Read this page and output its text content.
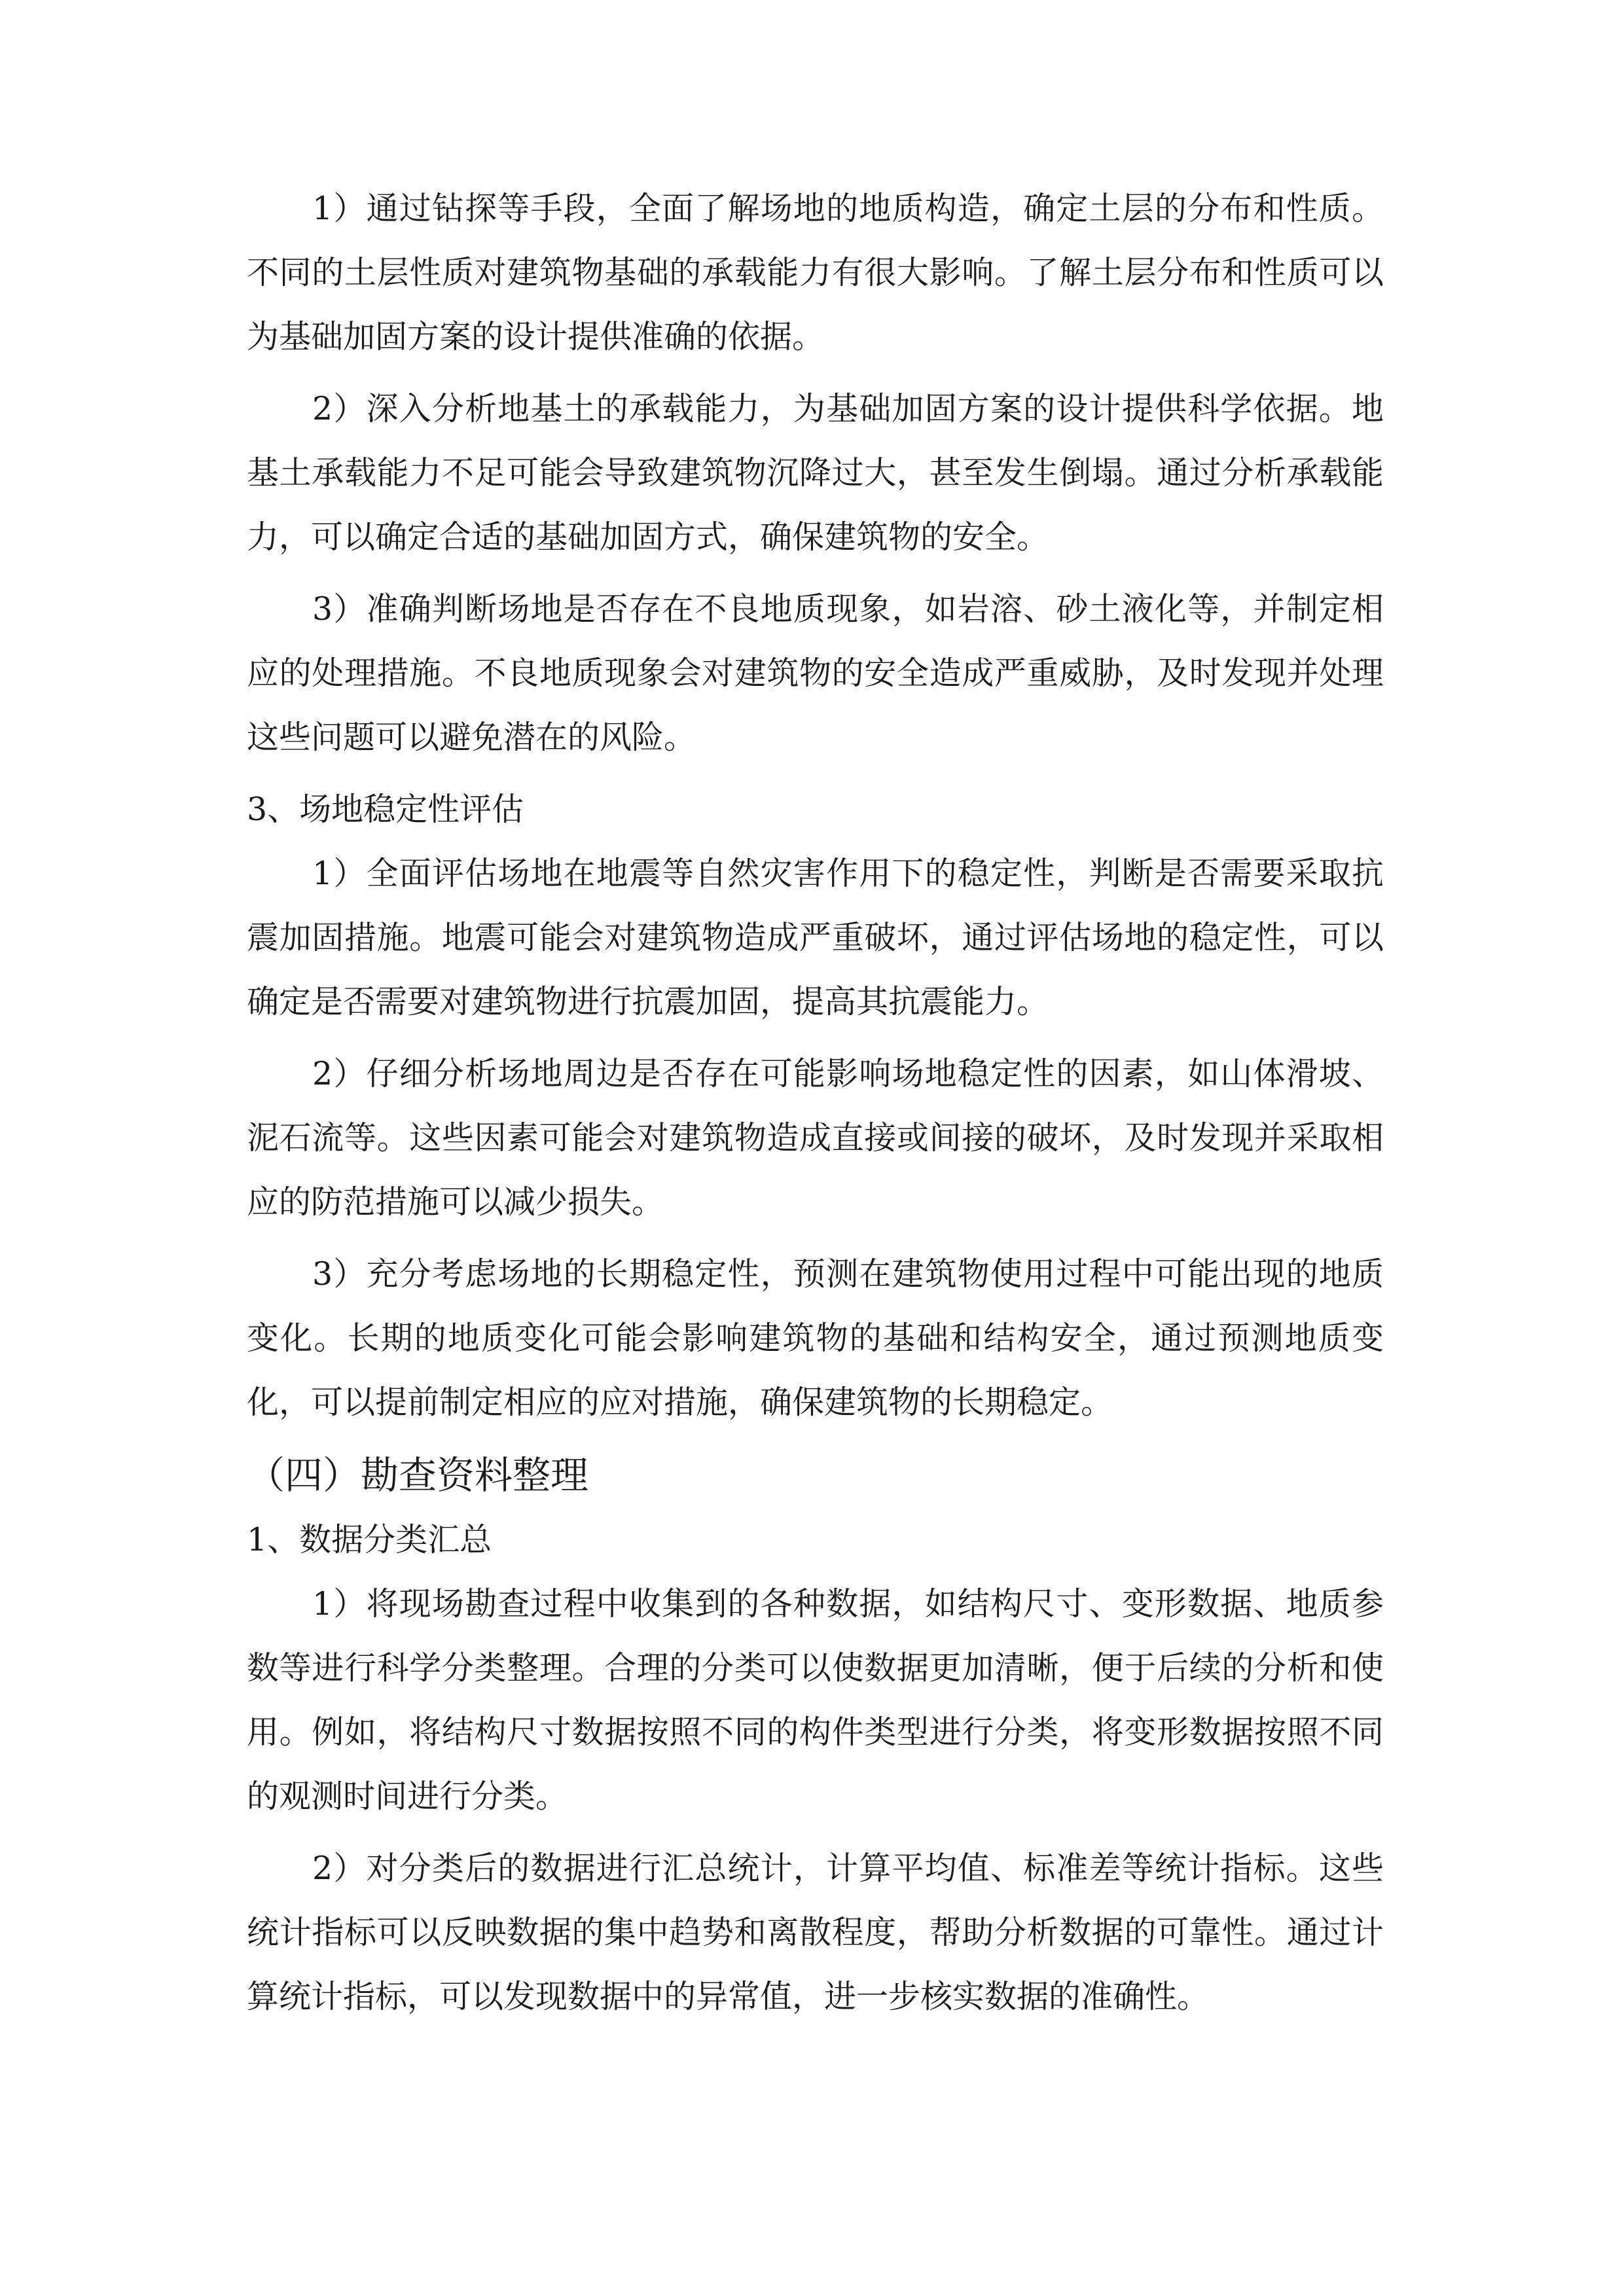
1）通过钻探等手段，全面了解场地的地质构造，确定土层的分布和性质。不同的土层性质对建筑物基础的承载能力有很大影响。了解土层分布和性质可以为基础加固方案的设计提供准确的依据。

2）深入分析地基土的承载能力，为基础加固方案的设计提供科学依据。地基土承载能力不足可能会导致建筑物沉降过大，甚至发生倒塌。通过分析承载能力，可以确定合适的基础加固方式，确保建筑物的安全。

3）准确判断场地是否存在不良地质现象，如岩溶、砂土液化等，并制定相应的处理措施。不良地质现象会对建筑物的安全造成严重威胁，及时发现并处理这些问题可以避免潜在的风险。

3、场地稳定性评估

1）全面评估场地在地震等自然灾害作用下的稳定性，判断是否需要采取抗震加固措施。地震可能会对建筑物造成严重破坏，通过评估场地的稳定性，可以确定是否需要对建筑物进行抗震加固，提高其抗震能力。

2）仔细分析场地周边是否存在可能影响场地稳定性的因素，如山体滑坡、泥石流等。这些因素可能会对建筑物造成直接或间接的破坏，及时发现并采取相应的防范措施可以减少损失。

3）充分考虑场地的长期稳定性，预测在建筑物使用过程中可能出现的地质变化。长期的地质变化可能会影响建筑物的基础和结构安全，通过预测地质变化，可以提前制定相应的应对措施，确保建筑物的长期稳定。

（四）勘查资料整理

1、数据分类汇总

1）将现场勘查过程中收集到的各种数据，如结构尺寸、变形数据、地质参数等进行科学分类整理。合理的分类可以使数据更加清晰，便于后续的分析和使用。例如，将结构尺寸数据按照不同的构件类型进行分类，将变形数据按照不同的观测时间进行分类。

2）对分类后的数据进行汇总统计，计算平均值、标准差等统计指标。这些统计指标可以反映数据的集中趋势和离散程度，帮助分析数据的可靠性。通过计算统计指标，可以发现数据中的异常值，进一步核实数据的准确性。
